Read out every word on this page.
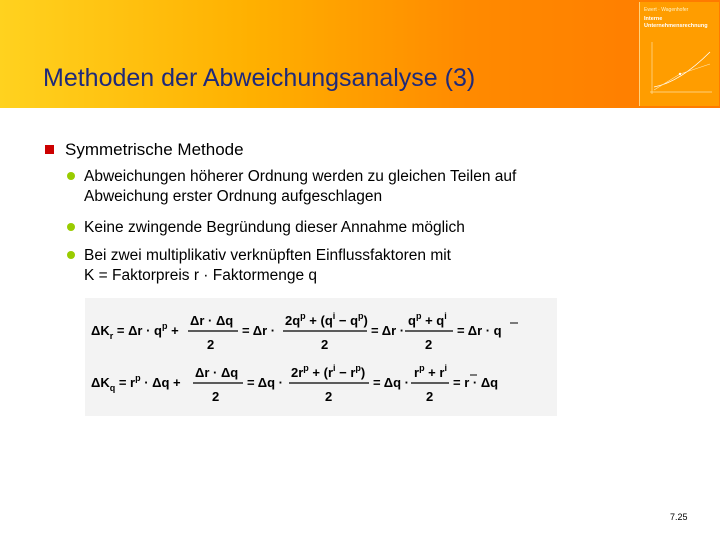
Methoden der Abweichungsanalyse (3)
Ewert · Wagenhofer
Interne
Unternehmensrechnung
Symmetrische Methode
Abweichungen höherer Ordnung werden zu gleichen Teilen auf
Abweichung erster Ordnung aufgeschlagen
Keine zwingende Begründung dieser Annahme möglich
Bei zwei multiplikativ verknüpften Einflussfaktoren mit
K = Faktorpreis r · Faktormenge q
$\Delta K_r = \Delta r \cdot q^p$ +
Δr · Δq
2
= Δr ·
$2q^p + (q^i - q^p)$
2
= Δr ·
$q^p + q^i$
2
= Δr · q
$\Delta K_q = r^p \cdot \Delta q$ +
Δr · Δq
2
= Δq ·
$2r^p + (r^i - r^p)$
2
= Δq ·
$r^p + r^i$
2
= r · Δq
7.25
